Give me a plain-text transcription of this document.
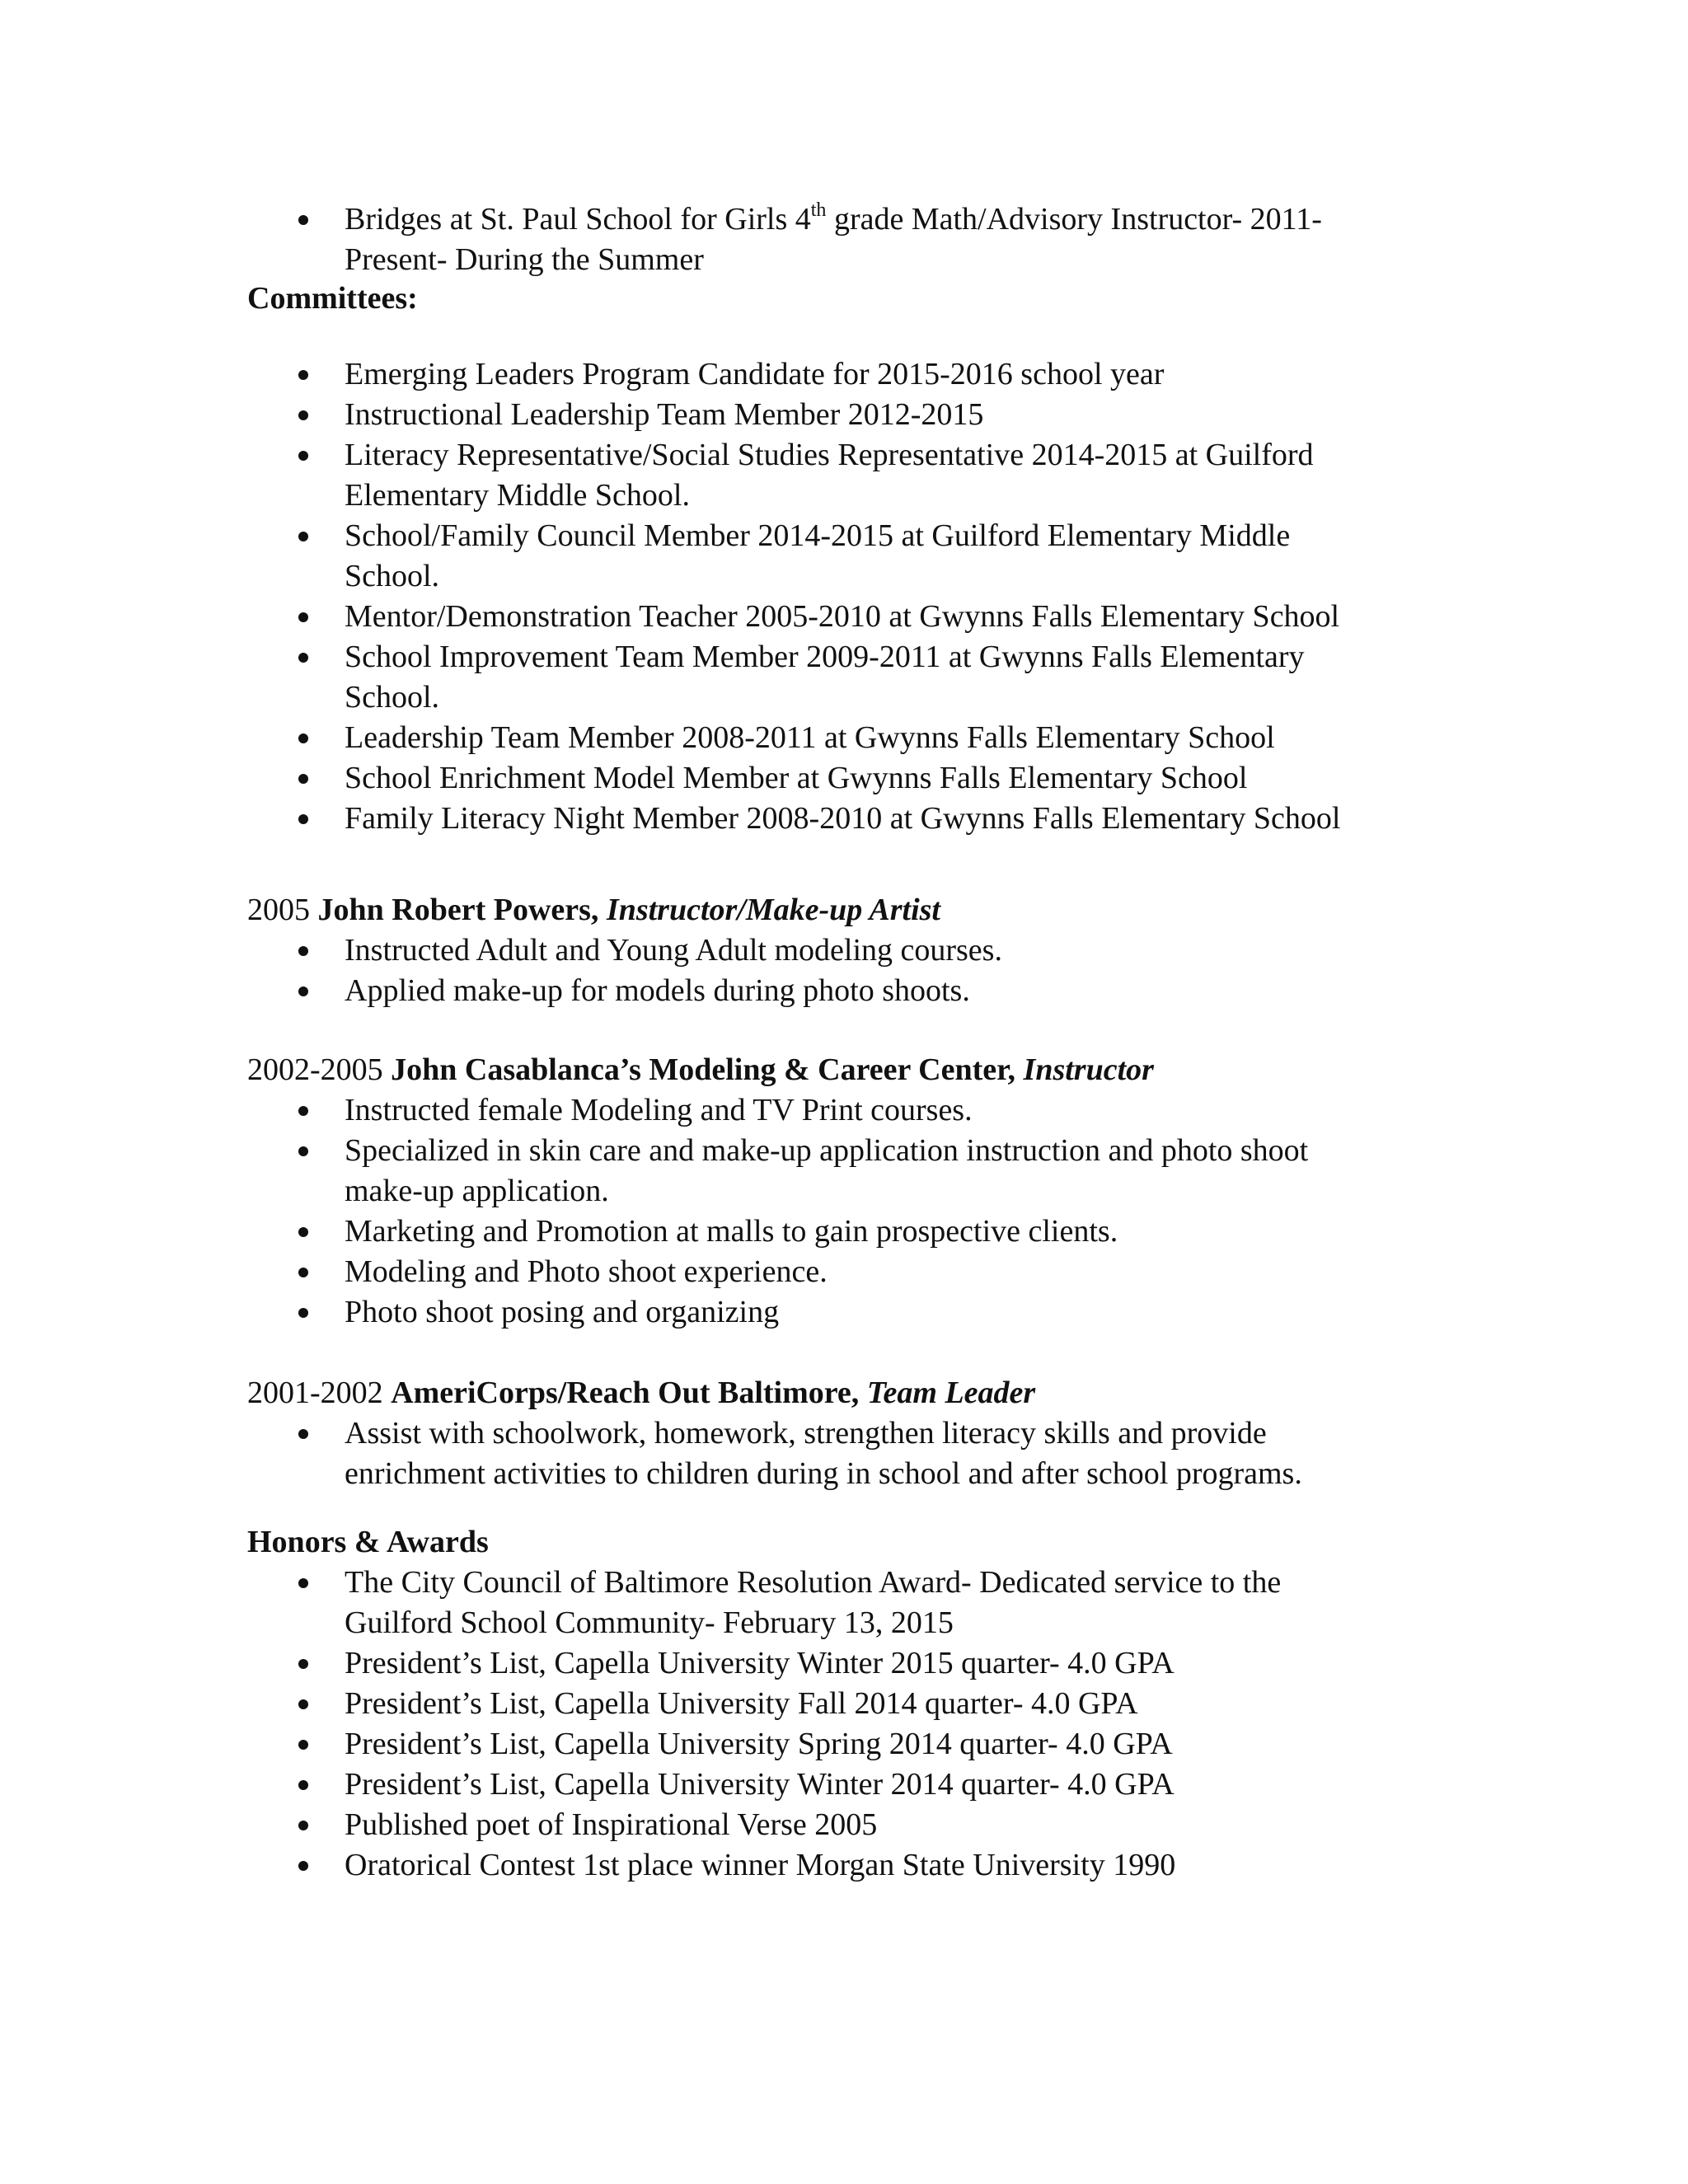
Bridges at St. Paul School for Girls 4th grade Math/Advisory Instructor- 2011-
Present- During the Summer
Committees:
Emerging Leaders Program Candidate for 2015-2016 school year
Instructional Leadership Team Member 2012-2015
Literacy Representative/Social Studies Representative 2014-2015 at Guilford
Elementary Middle School.
School/Family Council Member 2014-2015 at Guilford Elementary Middle
School.
Mentor/Demonstration Teacher 2005-2010 at Gwynns Falls Elementary School
School Improvement Team Member 2009-2011 at Gwynns Falls Elementary
School.
Leadership Team Member 2008-2011 at Gwynns Falls Elementary School
School Enrichment Model Member at Gwynns Falls Elementary School
Family Literacy Night Member 2008-2010 at Gwynns Falls Elementary School
2005 John Robert Powers, Instructor/Make-up Artist
Instructed Adult and Young Adult modeling courses.
Applied make-up for models during photo shoots.
2002-2005 John Casablanca’s Modeling & Career Center, Instructor
Instructed female Modeling and TV Print courses.
Specialized in skin care and make-up application instruction and photo shoot
make-up application.
Marketing and Promotion at malls to gain prospective clients.
Modeling and Photo shoot experience.
Photo shoot posing and organizing
2001-2002 AmeriCorps/Reach Out Baltimore, Team Leader
Assist with schoolwork, homework, strengthen literacy skills and provide
enrichment activities to children during in school and after school programs.
Honors & Awards
The City Council of Baltimore Resolution Award- Dedicated service to the
Guilford School Community- February 13, 2015
President’s List, Capella University Winter 2015 quarter- 4.0 GPA
President’s List, Capella University Fall 2014 quarter- 4.0 GPA
President’s List, Capella University Spring 2014 quarter- 4.0 GPA
President’s List, Capella University Winter 2014 quarter- 4.0 GPA
Published poet of Inspirational Verse 2005
Oratorical Contest 1st place winner Morgan State University 1990
